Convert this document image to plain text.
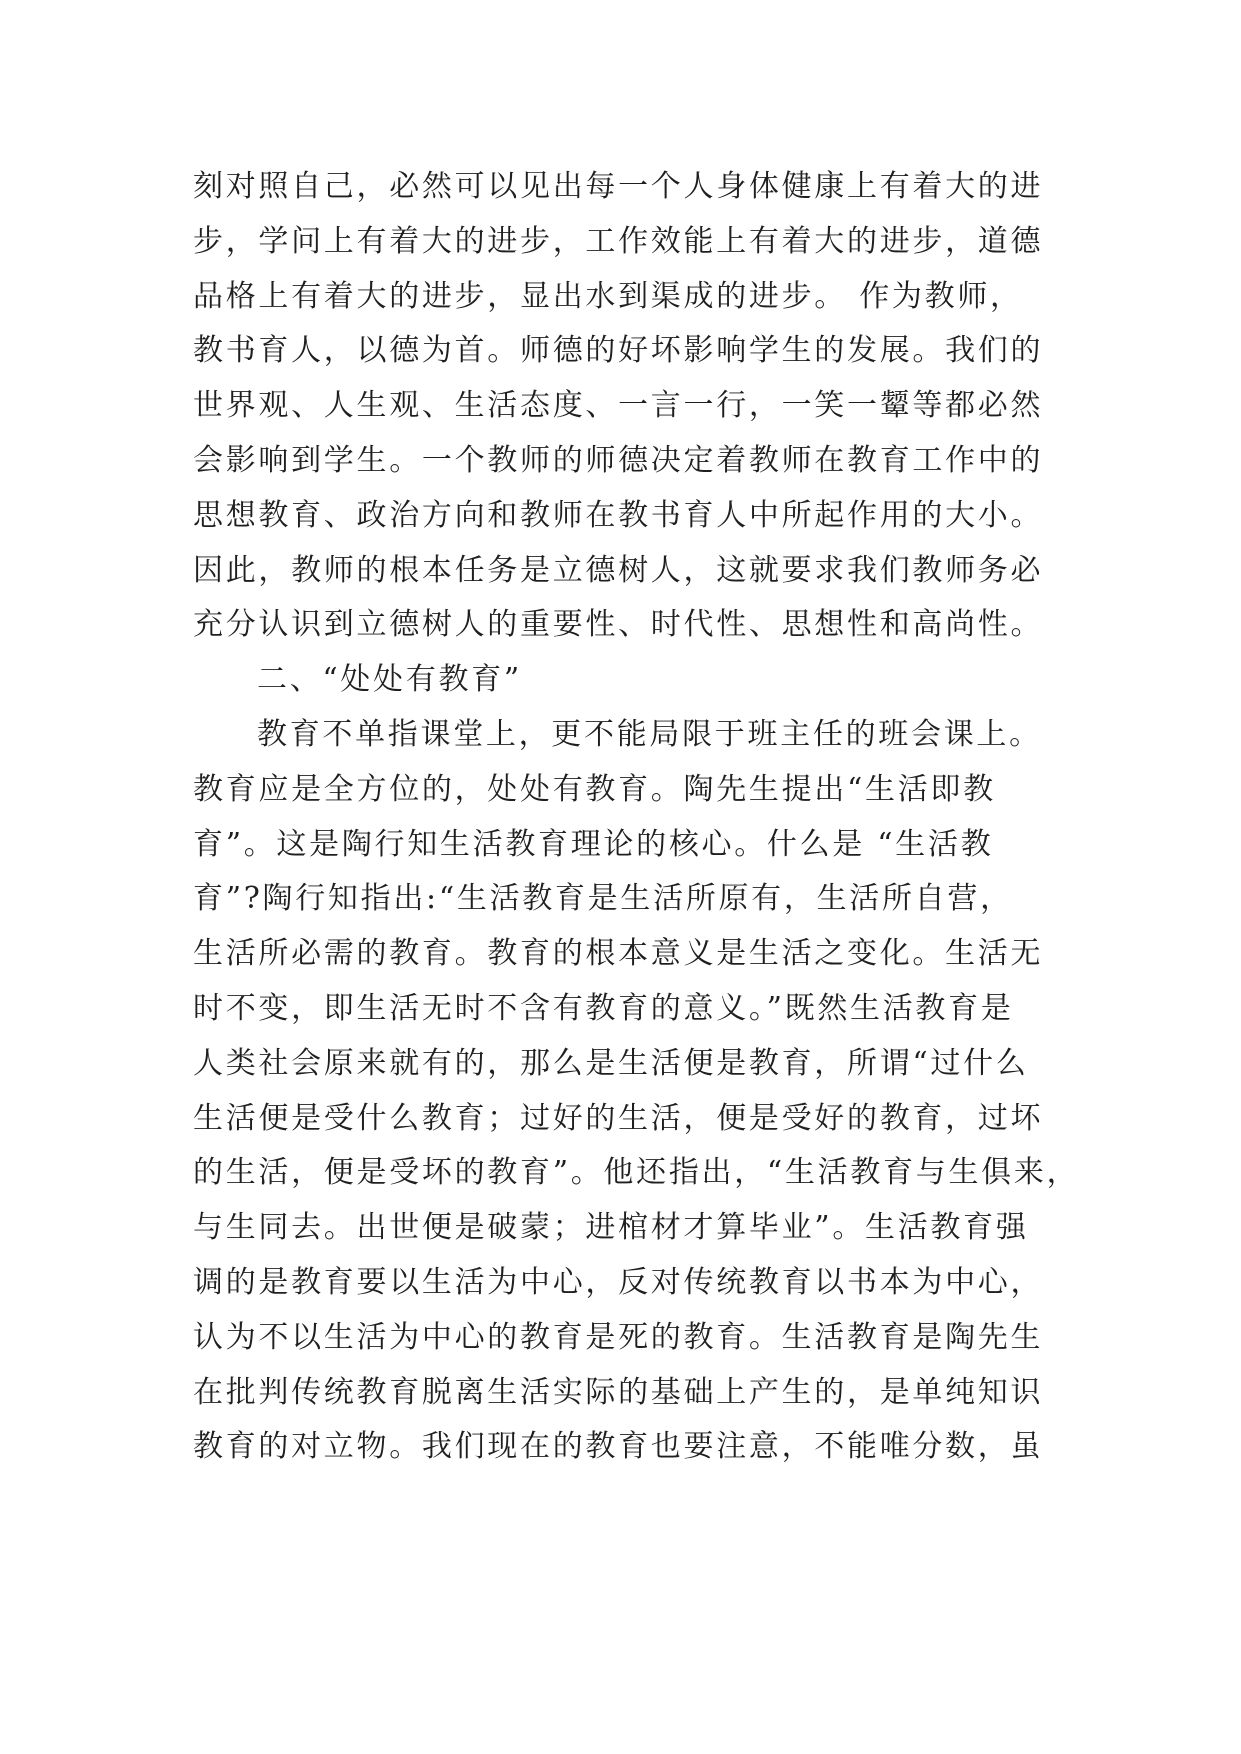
刻对照自己，必然可以见出每一个人身体健康上有着大的进
步，学问上有着大的进步，工作效能上有着大的进步，道德
品格上有着大的进步，显出水到渠成的进步。 作为教师，
教书育人，以德为首。师德的好坏影响学生的发展。我们的
世界观、人生观、生活态度、一言一行，一笑一颦等都必然
会影响到学生。一个教师的师德决定着教师在教育工作中的
思想教育、政治方向和教师在教书育人中所起作用的大小。
因此，教师的根本任务是立德树人，这就要求我们教师务必
充分认识到立德树人的重要性、时代性、思想性和高尚性。
二、“处处有教育”
教育不单指课堂上，更不能局限于班主任的班会课上。
教育应是全方位的，处处有教育。陶先生提出“生活即教
育”。这是陶行知生活教育理论的核心。什么是 “生活教
育”?陶行知指出:“生活教育是生活所原有，生活所自营，
生活所必需的教育。教育的根本意义是生活之变化。生活无
时不变，即生活无时不含有教育的意义。”既然生活教育是
人类社会原来就有的，那么是生活便是教育，所谓“过什么
生活便是受什么教育；过好的生活，便是受好的教育，过坏
的生活，便是受坏的教育”。他还指出，“生活教育与生俱来，
与生同去。出世便是破蒙；进棺材才算毕业”。生活教育强
调的是教育要以生活为中心，反对传统教育以书本为中心，
认为不以生活为中心的教育是死的教育。生活教育是陶先生
在批判传统教育脱离生活实际的基础上产生的，是单纯知识
教育的对立物。我们现在的教育也要注意，不能唯分数，虽
